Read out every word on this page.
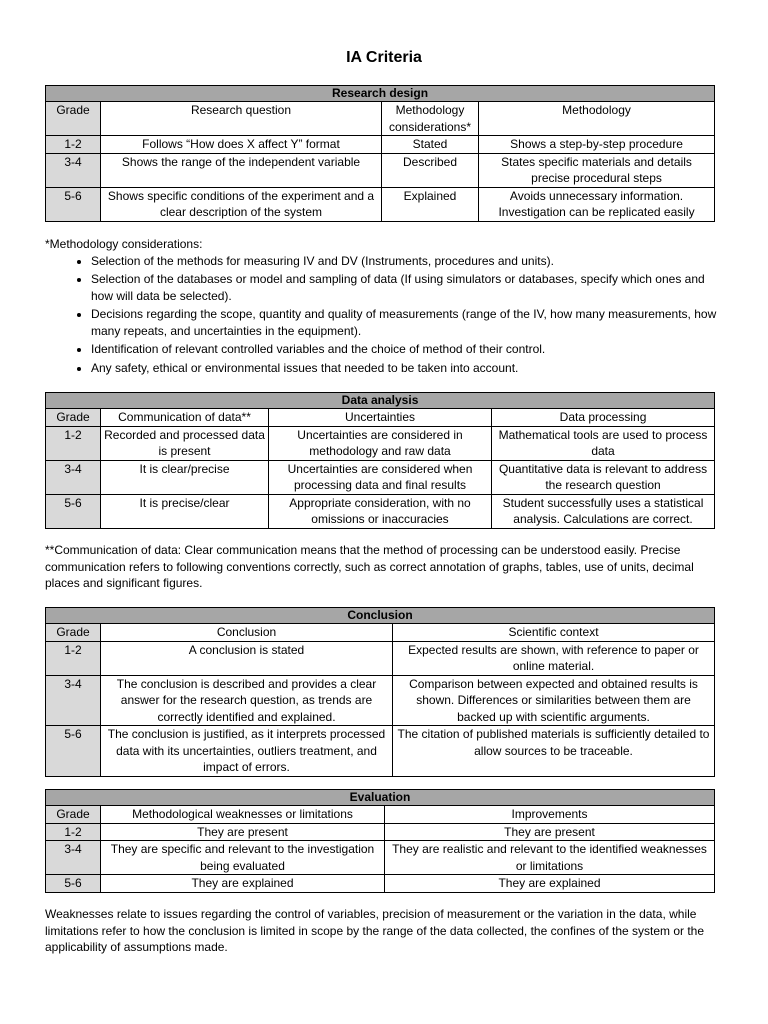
IA Criteria
Research design			
Grade	Research question	Methodology considerations*	Methodology
1-2	Follows “How does X affect Y” format	Stated	Shows a step-by-step procedure
3-4	Shows the range of the independent variable	Described	States specific materials and details precise procedural steps
5-6	Shows specific conditions of the experiment and a clear description of the system	Explained	Avoids unnecessary information. Investigation can be replicated easily
*Methodology considerations:
• Selection of the methods for measuring IV and DV (Instruments, procedures and units).
• Selection of the databases or model and sampling of data (If using simulators or databases, specify which ones and how will data be selected).
• Decisions regarding the scope, quantity and quality of measurements (range of the IV, how many measurements, how many repeats, and uncertainties in the equipment).
• Identification of relevant controlled variables and the choice of method of their control.
• Any safety, ethical or environmental issues that needed to be taken into account.
Data analysis			
Grade	Communication of data**	Uncertainties	Data processing
1-2	Recorded and processed data is present	Uncertainties are considered in methodology and raw data	Mathematical tools are used to process data
3-4	It is clear/precise	Uncertainties are considered when processing data and final results	Quantitative data is relevant to address the research question
5-6	It is precise/clear	Appropriate consideration, with no omissions or inaccuracies	Student successfully uses a statistical analysis. Calculations are correct.
**Communication of data: Clear communication means that the method of processing can be understood easily. Precise communication refers to following conventions correctly, such as correct annotation of graphs, tables, use of units, decimal places and significant figures.
Conclusion		
Grade	Conclusion	Scientific context
1-2	A conclusion is stated	Expected results are shown, with reference to paper or online material.
3-4	The conclusion is described and provides a clear answer for the research question, as trends are correctly identified and explained.	Comparison between expected and obtained results is shown. Differences or similarities between them are backed up with scientific arguments.
5-6	The conclusion is justified, as it interprets processed data with its uncertainties, outliers treatment, and impact of errors.	The citation of published materials is sufficiently detailed to allow sources to be traceable.
Evaluation		
Grade	Methodological weaknesses or limitations	Improvements
1-2	They are present	They are present
3-4	They are specific and relevant to the investigation being evaluated	They are realistic and relevant to the identified weaknesses or limitations
5-6	They are explained	They are explained
Weaknesses relate to issues regarding the control of variables, precision of measurement or the variation in the data, while limitations refer to how the conclusion is limited in scope by the range of the data collected, the confines of the system or the applicability of assumptions made.
